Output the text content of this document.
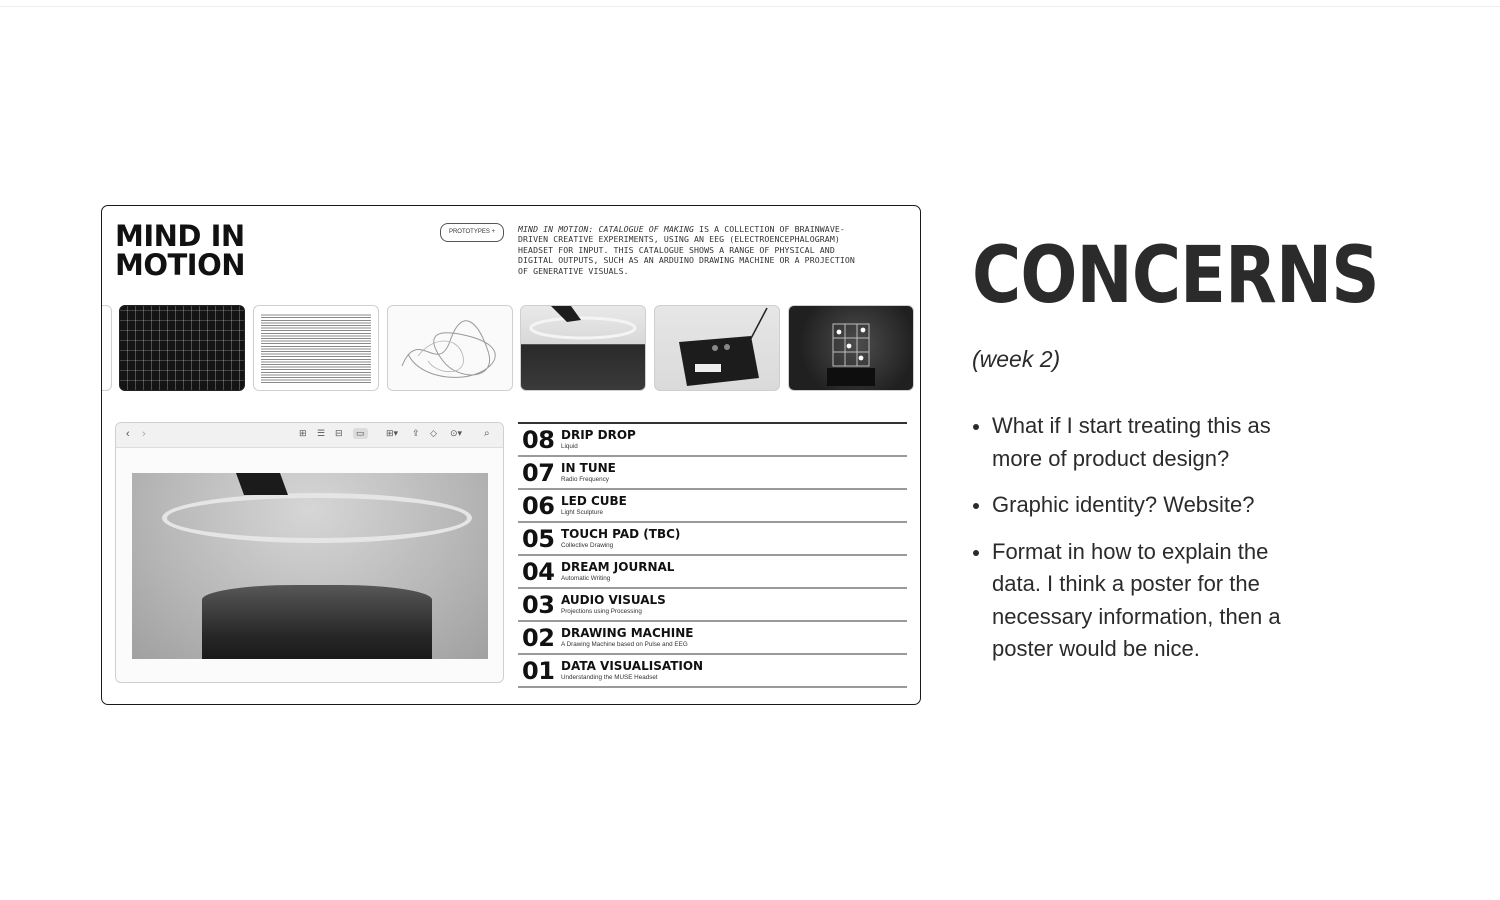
MIND IN
MOTION
PROTOTYPES +	MIND IN MOTION: CATALOGUE OF MAKING IS A COLLECTION OF BRAINWAVE-DRIVEN CREATIVE EXPERIMENTS, USING AN EEG (ELECTROENCEPHALOGRAM) HEADSET FOR INPUT. THIS CATALOGUE SHOWS A RANGE OF PHYSICAL AND DIGITAL OUTPUTS, SUCH AS AN ARDUINO DRAWING MACHINE OR A PROJECTION OF GENERATIVE VISUALS.
‹ ›	⊞ ☰ ⊟	▭	⊞▾ ⇪ ◇ ⊙▾ ⌕ 08 DRIP DROP
Liquid
07 IN TUNE
Radio Frequency
06 LED CUBE
Light Sculpture
05 TOUCH PAD (TBC)
Collective Drawing
04 DREAM JOURNAL
Automatic Writing
03 AUDIO VISUALS
Projections using Processing
02 DRAWING MACHINE
A Drawing Machine based on Pulse and EEG
01 DATA VISUALISATION
Understanding the MUSE Headset
CONCERNS
(week 2)
What if I start treating this as more of product design?
Graphic identity? Website?
Format in how to explain the data. I think a poster for the necessary information, then a poster would be nice.
